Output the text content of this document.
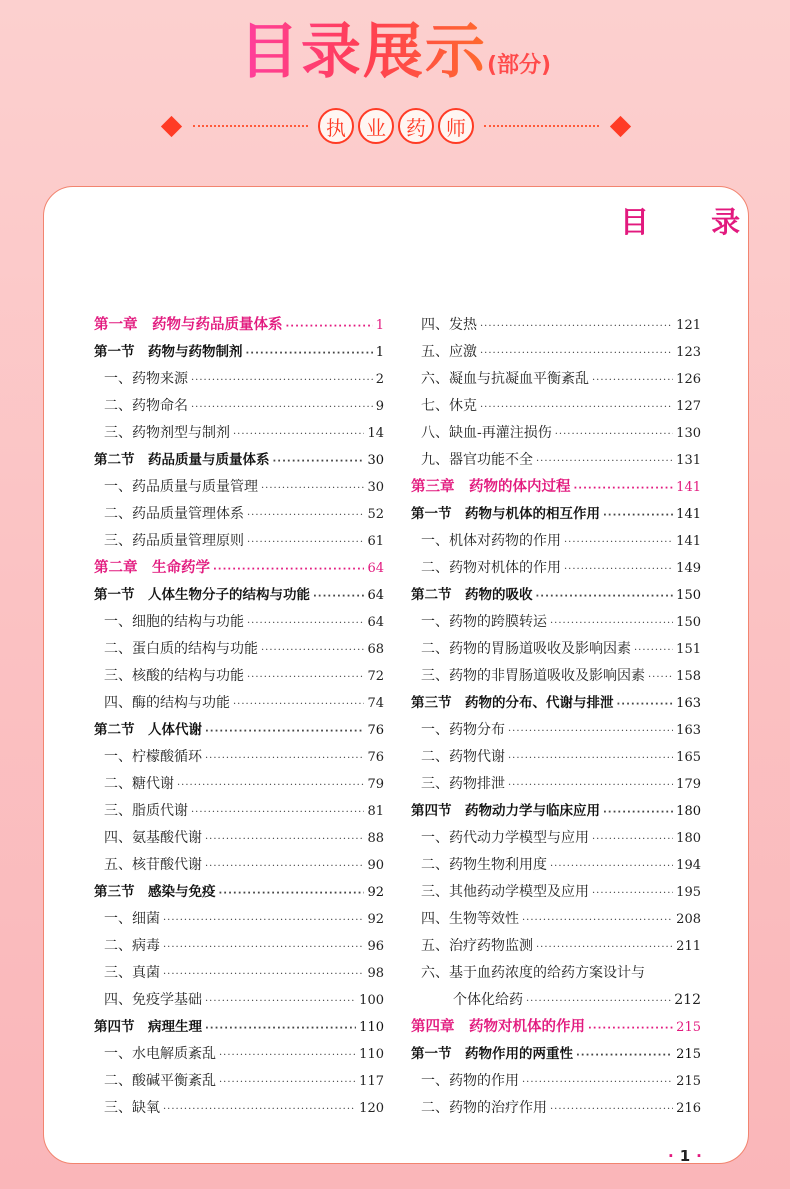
目录展示(部分)
执	业	药	师
目 录
第一章　药物与药品质量体系 ·····	1
第一节　药物与药物制剂 ·····	1
一、药物来源 ·····	2
二、药物命名 ·····	9
三、药物剂型与制剂 ·····	14
第二节　药品质量与质量体系 ·····	30
一、药品质量与质量管理 ·····	30
二、药品质量管理体系 ·····	52
三、药品质量管理原则 ·····	61
第二章　生命药学 ·····	64
第一节　人体生物分子的结构与功能 ·····	64
一、细胞的结构与功能 ·····	64
二、蛋白质的结构与功能 ·····	68
三、核酸的结构与功能 ·····	72
四、酶的结构与功能 ·····	74
第二节　人体代谢 ·····	76
一、柠檬酸循环 ·····	76
二、糖代谢 ·····	79
三、脂质代谢 ·····	81
四、氨基酸代谢 ·····	88
五、核苷酸代谢 ·····	90
第三节　感染与免疫 ·····	92
一、细菌 ·····	92
二、病毒 ·····	96
三、真菌 ·····	98
四、免疫学基础 ·····	100
第四节　病理生理 ·····	110
一、水电解质紊乱 ·····	110
二、酸碱平衡紊乱 ·····	117
三、缺氧 ·····	120
四、发热 ·····	121
五、应激 ·····	123
六、凝血与抗凝血平衡紊乱 ·····	126
七、休克 ·····	127
八、缺血-再灌注损伤 ·····	130
九、器官功能不全 ·····	131
第三章　药物的体内过程 ·····	141
第一节　药物与机体的相互作用 ·····	141
一、机体对药物的作用 ·····	141
二、药物对机体的作用 ·····	149
第二节　药物的吸收 ·····	150
一、药物的跨膜转运 ·····	150
二、药物的胃肠道吸收及影响因素 ·····	151
三、药物的非胃肠道吸收及影响因素 ····· 158
第三节　药物的分布、代谢与排泄 ·····	163
一、药物分布 ·····	163
二、药物代谢 ·····	165
三、药物排泄 ·····	179
第四节　药物动力学与临床应用 ·····	180
一、药代动力学模型与应用 ·····	180
二、药物生物利用度 ·····	194
三、其他药动学模型及应用 ·····	195
四、生物等效性 ·····	208
五、治疗药物监测 ·····	211
六、基于血药浓度的给药方案设计与
个体化给药 ·····	212
第四章　药物对机体的作用 ·····	215
第一节　药物作用的两重性 ·····	215
一、药物的作用 ·····	215
二、药物的治疗作用 ·····	216
· 1 ·
